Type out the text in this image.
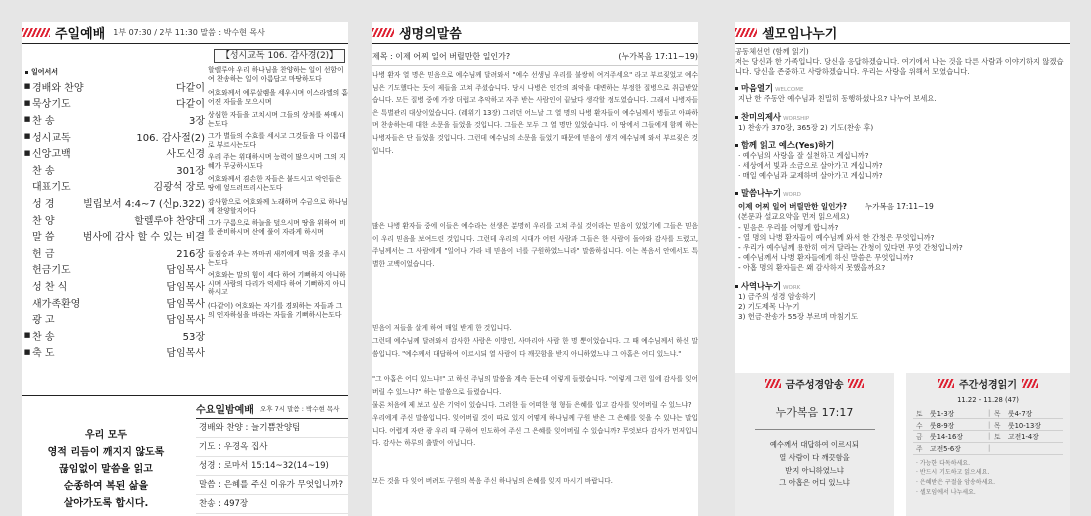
주일예배 1부 07:30 / 2부 11:30 말씀 : 박수현 목사
【성시교독 106. 감사경(2)】
일어서서
■ 경배와 찬양	다같이
■ 묵상기도	다같이
■ 찬 송	3장
■ 성시교독	106. 감사절(2)
■ 신앙고백	사도신경
찬 송	301장
대표기도	김광석 장로
성 경	빌립보서 4:4~7 (신p.322)
찬 양	할렐루야 찬양대
말 씀	범사에 감사 할 수 있는 비결
헌 금	216장
헌금기도	담임목사
성 찬 식	담임목사
새가족환영	담임목사
광 고	담임목사
■ 찬 송	53장
■ 축 도	담임목사
할렐루야 우리 하나님을 찬양하는 일이 선함이여 찬송하는 일이 아름답고 마땅하도다
여호와께서 예루살렘을 세우시며 이스라엘의 흩어진 자들을 모으시며
상심한 자들을 고치시며 그들의 상처를 싸매시는도다
그가 별들의 수효를 세시고 그것들을 다 이름대로 부르시는도다
우리 주는 위대하시며 능력이 많으시며 그의 지혜가 무궁하시도다
여호와께서 겸손한 자들은 붙드시고 악인들은 땅에 엎드러뜨리시는도다
감사함으로 여호와께 노래하며 수금으로 하나님께 찬양할지어다
그가 구름으로 하늘을 덮으시며 땅을 위하여 비를 준비하시며 산에 풀이 자라게 하시며
들짐승과 우는 까마귀 새끼에게 먹을 것을 주시는도다
여호와는 말의 힘이 세다 하여 기뻐하지 아니하시며 사람의 다리가 억세다 하여 기뻐하지 아니하시고
(다같이) 여호와는 자기를 경외하는 자들과 그의 인자하심을 바라는 자들을 기뻐하시는도다
우리 모두
영적 리듬이 깨지지 않도록
끊임없이 말씀을 읽고
순종하여 복된 삶을
살아가도록 합시다.
수요일밤예배 오후 7시 말씀 : 박수현 목사
경배와 찬양 : 늘기쁨찬양팀
기도 : 우경옥 집사
성경 : 로마서 15:14~32(14~19)
말씀 : 은혜를 주신 이유가 무엇입니까?
찬송 : 497장
생명의말씀
제목 : 이제 어찌 일어 버릴만한 일인가?	(누가복음 17:11~19)

나병 환자 열 명은 믿음으로 예수님께 달려와서 "예수 선생님 우리를 불쌍히 여겨주세요" 라고 부르짖었고 예수님은 기도했다는 듯이 제들을 고쳐 주셨습니다. 당시 나병은 인간의 죄악을 대변하는 부정한 질병으로 취급받았습니다. 모든 질병 중에 가장 더럽고 추악하고 자주 받는 사람인이 끝났다 생각할 정도였습니다. 그래서 나병자들은 특별관리 대상이었습니다. (레위기 13장) 그러던 어느날 그 열 명의 나병 환자들이 예수님께서 병들고 아파하며 찬송하는데 대한 소문을 들었을 것입니다. 그들은 모두 그 열 명만 있었습니다. 이 땅에서 그들에게 함께 하는 나병자들은 단 들었을 것입니다. 그런데 예수님의 소문을 들었기 때문에 믿음이 생겨 예수님께 와서 부르짖은 것입니다.

많은 나병 환자들 중에 이들은 예수라는 선생은 분명히 우리를 고쳐 주실 것이라는 믿음이 있었기에 그들은 믿음이 우리 믿음을 보여드린 것입니다. 그런데 우리의 시대가 어떤 사람과 그들은 한 사람이 돌아와 감사를 드렸고, 주님께서는 그 사람에게 "일어나 가라 네 믿음이 너를 구원하였느니라" 말씀하십니다. 이는 복음서 안에서도 특별한 고백이었습니다.

믿음이 저들을 살게 하여 매일 받게 한 것입니다.

그런데 예수님께 달려와서 감사한 사람은 이방인, 사마리아 사람 한 명 뿐이었습니다. 그 때 예수님께서 하신 말씀입니다. "예수께서 대답하여 이르시되 열 사람이 다 깨끗함을 받지 아니하였느냐 그 아홉은 어디 있느냐."

"그 아홉은 어디 있느냐!" 고 하신 주님의 말씀을 계속 듣는데 이렇게 들렸습니다. "이렇게 그런 일에 감사를 잊어버릴 수 있느냐?" 하는 말씀으로 들렸습니다.

물론 처음에 제 보고 싶은 기억이 있습니다. 그러한 들 어떠한 형 형들 은혜를 입고 감사를 잊어버릴 수 있느냐?

우리에게 주신 말씀입니다. 잊어버릴 것이 따로 있지 어떻게 하나님께 구원 받은 그 은혜를 잊을 수 있냐는 말입니다. 어렵게 자란 광 우리 때 구하여 인도하여 주신 그 은혜를 잊어버릴 수 있습니까? 무엇보다 감사가 먼저입니다. 감사는 하루의 출발이 아닙니다.

모든 것을 다 잊어 버려도 구원의 복음 주신 하나님의 은혜를 잊지 마시기 바랍니다.

셀모임나누기
공동체선언 (함께 읽기)
저는 당신과 한 가족입니다. 당신을 응답하겠습니다. 여기에서 나는 것을 다른 사람과 이야기하지 않겠습니다. 당신을 존중하고 사랑하겠습니다. 우리는 사랑을 위해서 모였습니다.
마음열기 WELCOME
지난 한 주동안 예수님과 친밀히 동행하셨나요? 나누어 보세요.
찬미의제사 WORSHIP
1) 찬송가 370장, 365장 2) 기도(찬송 후)
함께 읽고 예스(Yes)하기
· 예수님의 사랑을 잘 실천하고 계십니까?
· 세상에서 빛과 소금으로 살아가고 계십니까?
· 매일 예수님과 교제하며 살아가고 계십니까?
말씀나누기 WORD
이제 어찌 일어 버릴만한 일인가? 누가복음 17:11~19
(본문과 설교요약을 먼저 읽으세요)
- 믿음은 우리를 어떻게 합니까?
- 열 명의 나병 환자들이 예수님께 와서 한 간청은 무엇입니까?
- 우리가 예수님께 용한히 여겨 달라는 간청이 있다면 무엇 간청입니까?
- 예수님께서 나병 환자들에게 하신 말씀은 무엇입니까?
- 아홉 명의 환자들은 왜 감사하지 못했을까요?
사역나누기 WORK
1) 금주의 성경 암송하기
2) 기도제목 나누기
3) 헌금·찬송가 55장 부르며 마침기도
금주성경암송
누가복음 17:17
예수께서 대답하여 이르시되
열 사람이 다 깨끗함을
받지 아니하였느냐
그 아홉은 어디 있느냐
주간성경읽기
11.22 - 11.28 (47)
토	룻1-3장	|	목	룻4-7장
수	룻8-9장	|	목	룻10-13장
금	룻14-16장	|	토	고전1-4장
주	고전5-6장	|		
· 가능한 다독하세요.
· 반드시 기도하고 읽으세요.
· 은혜받은 구절을 암송하세요.
· 셀모임에서 나누세요.
